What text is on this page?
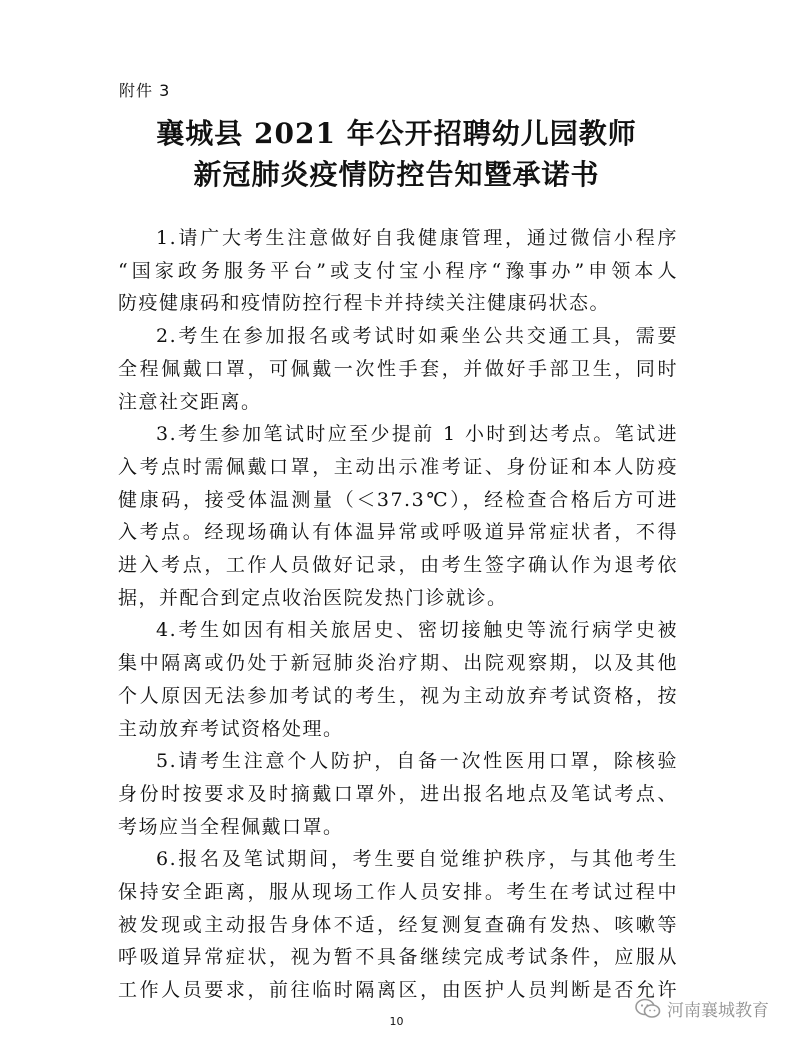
附件 3
襄城县 2021 年公开招聘幼儿园教师
新冠肺炎疫情防控告知暨承诺书

1.请广大考生注意做好自我健康管理，通过微信小程序
“国家政务服务平台”或支付宝小程序“豫事办”申领本人
防疫健康码和疫情防控行程卡并持续关注健康码状态。

2.考生在参加报名或考试时如乘坐公共交通工具，需要
全程佩戴口罩，可佩戴一次性手套，并做好手部卫生，同时
注意社交距离。

3.考生参加笔试时应至少提前 1 小时到达考点。笔试进
入考点时需佩戴口罩，主动出示准考证、身份证和本人防疫
健康码，接受体温测量（＜37.3℃），经检查合格后方可进
入考点。经现场确认有体温异常或呼吸道异常症状者，不得
进入考点，工作人员做好记录，由考生签字确认作为退考依
据，并配合到定点收治医院发热门诊就诊。

4.考生如因有相关旅居史、密切接触史等流行病学史被
集中隔离或仍处于新冠肺炎治疗期、出院观察期，以及其他
个人原因无法参加考试的考生，视为主动放弃考试资格，按
主动放弃考试资格处理。

5.请考生注意个人防护，自备一次性医用口罩，除核验
身份时按要求及时摘戴口罩外，进出报名地点及笔试考点、
考场应当全程佩戴口罩。

6.报名及笔试期间，考生要自觉维护秩序，与其他考生
保持安全距离，服从现场工作人员安排。考生在考试过程中
被发现或主动报告身体不适，经复测复查确有发热、咳嗽等
呼吸道异常症状，视为暂不具备继续完成考试条件，应服从
工作人员要求，前往临时隔离区，由医护人员判断是否允许

10
河南襄城教育
